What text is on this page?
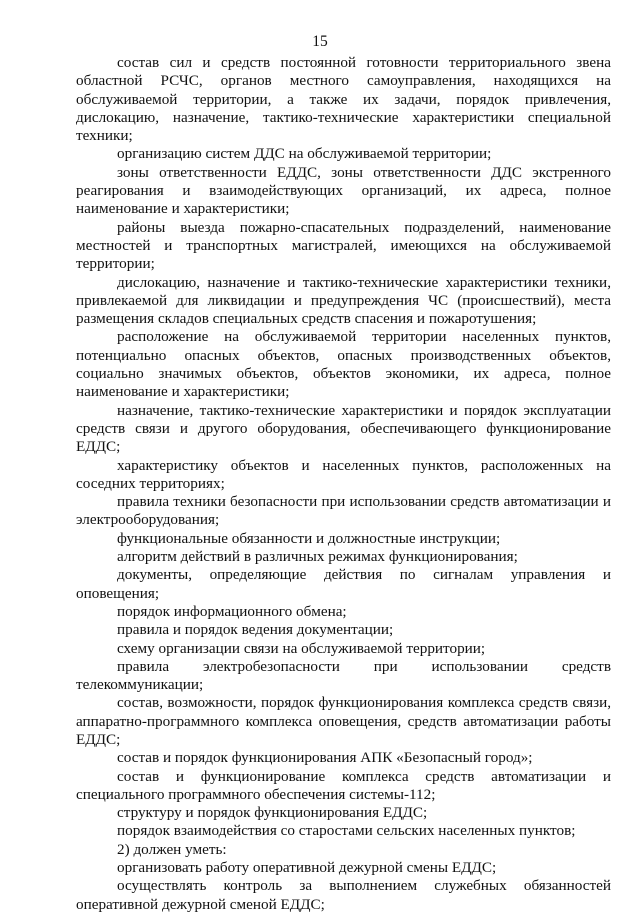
15

состав сил и средств постоянной готовности территориального звена областной РСЧС, органов местного самоуправления, находящихся на обслуживаемой территории, а также их задачи, порядок привлечения, дислокацию, назначение, тактико-технические характеристики специальной техники;

организацию систем ДДС на обслуживаемой территории;

зоны ответственности ЕДДС, зоны ответственности ДДС экстренного реагирования и взаимодействующих организаций, их адреса, полное наименование и характеристики;

районы выезда пожарно-спасательных подразделений, наименование местностей и транспортных магистралей, имеющихся на обслуживаемой территории;

дислокацию, назначение и тактико-технические характеристики техники, привлекаемой для ликвидации и предупреждения ЧС (происшествий), места размещения складов специальных средств спасения и пожаротушения;

расположение на обслуживаемой территории населенных пунктов, потенциально опасных объектов, опасных производственных объектов, социально значимых объектов, объектов экономики, их адреса, полное наименование и характеристики;

назначение, тактико-технические характеристики и порядок эксплуатации средств связи и другого оборудования, обеспечивающего функционирование ЕДДС;

характеристику объектов и населенных пунктов, расположенных на соседних территориях;

правила техники безопасности при использовании средств автоматизации и электрооборудования;

функциональные обязанности и должностные инструкции;

алгоритм действий в различных режимах функционирования;

документы, определяющие действия по сигналам управления и оповещения;

порядок информационного обмена;

правила и порядок ведения документации;

схему организации связи на обслуживаемой территории;

правила электробезопасности при использовании средств телекоммуникации;

состав, возможности, порядок функционирования комплекса средств связи, аппаратно-программного комплекса оповещения, средств автоматизации работы ЕДДС;

состав и порядок функционирования АПК «Безопасный город»;

состав и функционирование комплекса средств автоматизации и специального программного обеспечения системы-112;

структуру и порядок функционирования ЕДДС;

порядок взаимодействия со старостами сельских населенных пунктов;

2) должен уметь:

организовать работу оперативной дежурной смены ЕДДС;

осуществлять контроль за выполнением служебных обязанностей оперативной дежурной сменой ЕДДС;
